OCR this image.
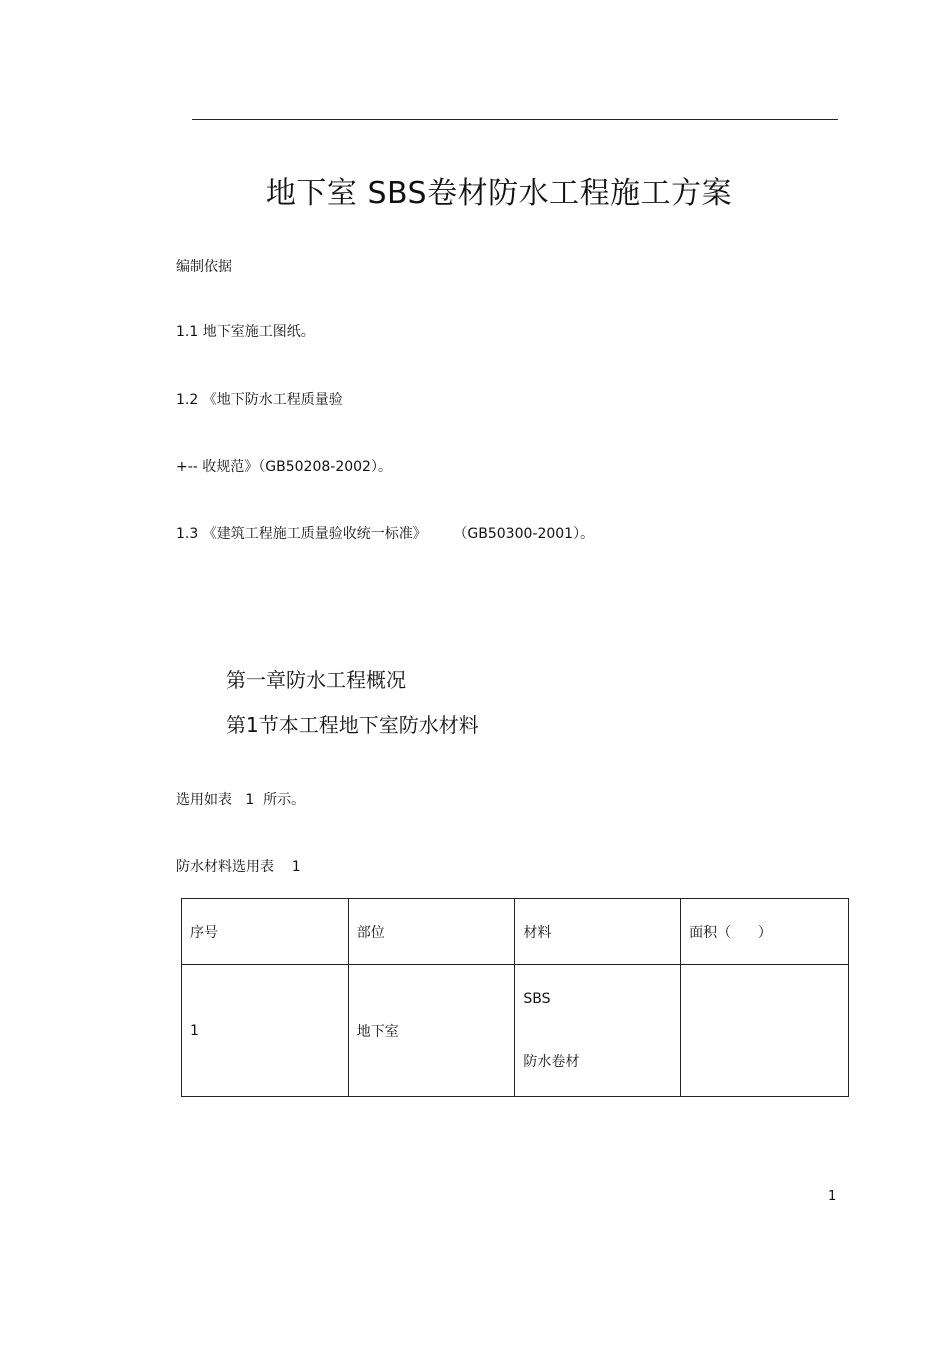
地下室 SBS卷材防水工程施工方案
编制依据
1.1 地下室施工图纸。
1.2 《地下防水工程质量验
+-- 收规范》（GB50208-2002）。
1.3 《建筑工程施工质量验收统一标准》      （GB50300-2001）。
第一章防水工程概况
第1节本工程地下室防水材料
选用如表   1  所示。
防水材料选用表    1
序号	部位	材料	面积（      ）
1	地下室	SBS
防水卷材	

1
